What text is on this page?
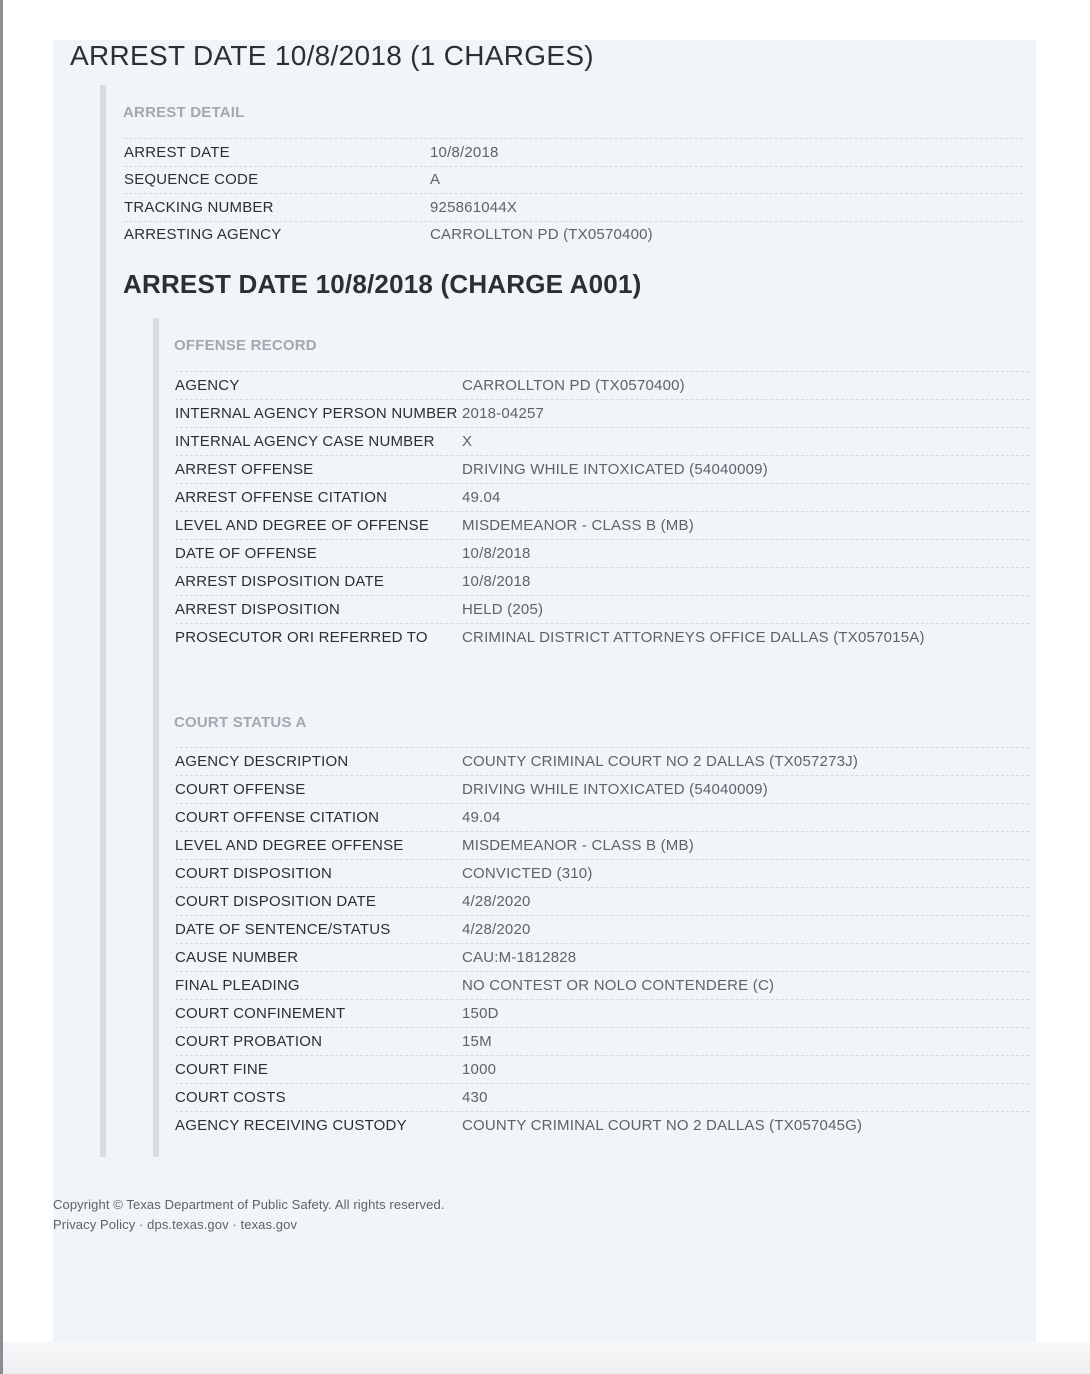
ARREST DATE 10/8/2018 (1 CHARGES)
ARREST DETAIL
ARREST DATE	10/8/2018
SEQUENCE CODE	A
TRACKING NUMBER	925861044X
ARRESTING AGENCY	CARROLLTON PD (TX0570400)
ARREST DATE 10/8/2018 (CHARGE A001)
OFFENSE RECORD
AGENCY	CARROLLTON PD (TX0570400)
INTERNAL AGENCY PERSON NUMBER 2018-04257
INTERNAL AGENCY CASE NUMBER	X
ARREST OFFENSE	DRIVING WHILE INTOXICATED (54040009)
ARREST OFFENSE CITATION	49.04
LEVEL AND DEGREE OF OFFENSE	MISDEMEANOR - CLASS B (MB)
DATE OF OFFENSE	10/8/2018
ARREST DISPOSITION DATE	10/8/2018
ARREST DISPOSITION	HELD (205)
PROSECUTOR ORI REFERRED TO	CRIMINAL DISTRICT ATTORNEYS OFFICE DALLAS (TX057015A)
COURT STATUS A
AGENCY DESCRIPTION	COUNTY CRIMINAL COURT NO 2 DALLAS (TX057273J)
COURT OFFENSE	DRIVING WHILE INTOXICATED (54040009)
COURT OFFENSE CITATION	49.04
LEVEL AND DEGREE OFFENSE	MISDEMEANOR - CLASS B (MB)
COURT DISPOSITION	CONVICTED (310)
COURT DISPOSITION DATE	4/28/2020
DATE OF SENTENCE/STATUS	4/28/2020
CAUSE NUMBER	CAU:M-1812828
FINAL PLEADING	NO CONTEST OR NOLO CONTENDERE (C)
COURT CONFINEMENT	150D
COURT PROBATION	15M
COURT FINE	1000
COURT COSTS	430
AGENCY RECEIVING CUSTODY	COUNTY CRIMINAL COURT NO 2 DALLAS (TX057045G)
Copyright © Texas Department of Public Safety. All rights reserved.
Privacy Policy · dps.texas.gov · texas.gov
